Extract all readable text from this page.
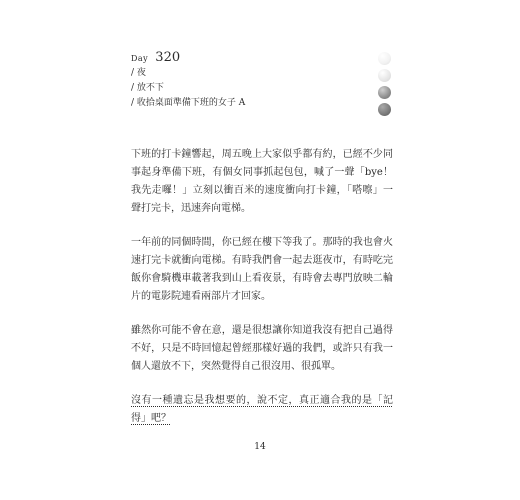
Day 320
/ 夜
/ 放不下
/ 收拾桌面準備下班的女子 A

下班的打卡鐘響起，周五晚上大家似乎都有約，已經不少同事起身準備下班，有個女同事抓起包包，喊了一聲「bye！我先走囉！」立刻以衝百米的速度衝向打卡鐘，「嗒嚓」一聲打完卡，迅速奔向電梯。

一年前的同個時間，你已經在樓下等我了。那時的我也會火速打完卡就衝向電梯。有時我們會一起去逛夜市，有時吃完飯你會騎機車載著我到山上看夜景，有時會去專門放映二輪片的電影院連看兩部片才回家。

雖然你可能不會在意，還是很想讓你知道我沒有把自己過得不好，只是不時回憶起曾經那樣好過的我們，或許只有我一個人還放不下，突然覺得自己很沒用、很孤單。

沒有一種遺忘是我想要的，說不定，真正適合我的是「記得」吧？

14
